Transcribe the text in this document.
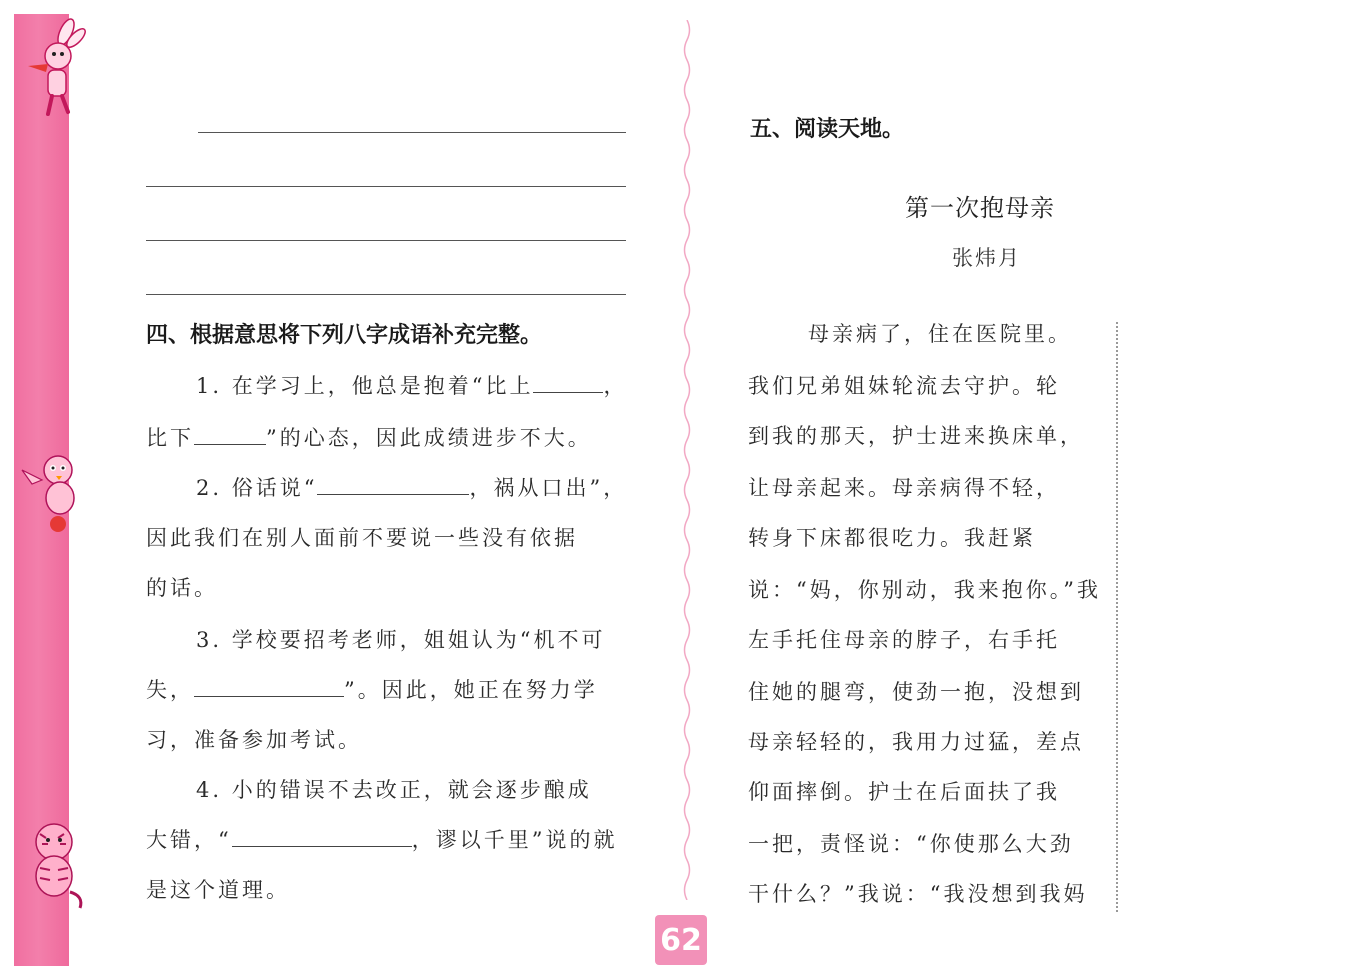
四、根据意思将下列八字成语补充完整。
1. 在学习上，他总是抱着“比上	，
比下	”的心态，因此成绩进步不大。
2. 俗话说“	，祸从口出”，
因此我们在别人面前不要说一些没有依据
的话。
3. 学校要招考老师，姐姐认为“机不可
失，	”。因此，她正在努力学
习，准备参加考试。
4. 小的错误不去改正，就会逐步酿成
大错，“	，谬以千里”说的就
是这个道理。
五、阅读天地。
第一次抱母亲
张炜月
母亲病了，住在医院里。
我们兄弟姐妹轮流去守护。轮
到我的那天，护士进来换床单，
让母亲起来。母亲病得不轻，
转身下床都很吃力。我赶紧
说：“妈，你别动，我来抱你。”我
左手托住母亲的脖子，右手托
住她的腿弯，使劲一抱，没想到
母亲轻轻的，我用力过猛，差点
仰面摔倒。护士在后面扶了我
一把，责怪说：“你使那么大劲
干什么？”我说：“我没想到我妈
62
